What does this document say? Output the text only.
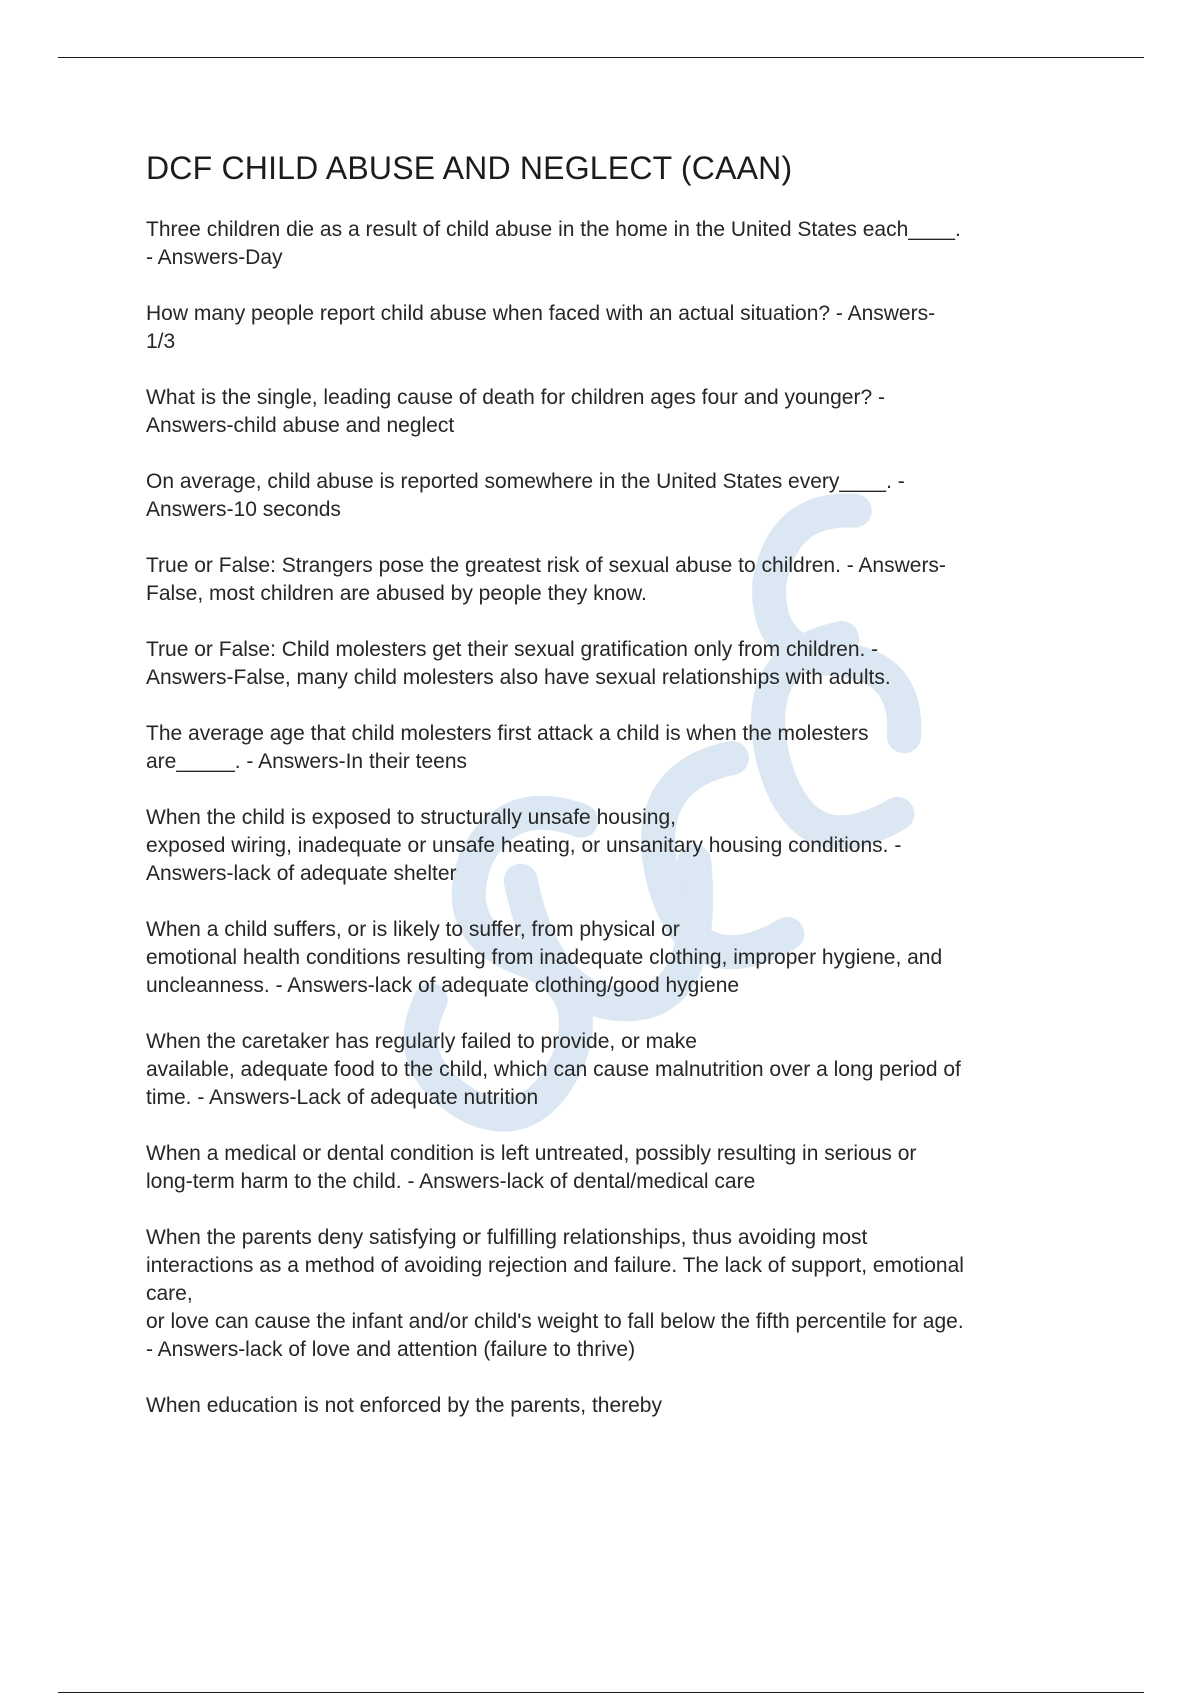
DCF CHILD ABUSE AND NEGLECT (CAAN)
Three children die as a result of child abuse in the home in the United States each____.
- Answers-Day
How many people report child abuse when faced with an actual situation? - Answers-
1/3
What is the single, leading cause of death for children ages four and younger? -
Answers-child abuse and neglect
On average, child abuse is reported somewhere in the United States every____. -
Answers-10 seconds
True or False: Strangers pose the greatest risk of sexual abuse to children. - Answers-
False, most children are abused by people they know.
True or False: Child molesters get their sexual gratification only from children. -
Answers-False, many child molesters also have sexual relationships with adults.
The average age that child molesters first attack a child is when the molesters
are_____. - Answers-In their teens
When the child is exposed to structurally unsafe housing,
exposed wiring, inadequate or unsafe heating, or unsanitary housing conditions. -
Answers-lack of adequate shelter
When a child suffers, or is likely to suffer, from physical or
emotional health conditions resulting from inadequate clothing, improper hygiene, and
uncleanness. - Answers-lack of adequate clothing/good hygiene
When the caretaker has regularly failed to provide, or make
available, adequate food to the child, which can cause malnutrition over a long period of
time. - Answers-Lack of adequate nutrition
When a medical or dental condition is left untreated, possibly resulting in serious or
long-term harm to the child. - Answers-lack of dental/medical care
When the parents deny satisfying or fulfilling relationships, thus avoiding most
interactions as a method of avoiding rejection and failure. The lack of support, emotional
care,
or love can cause the infant and/or child's weight to fall below the fifth percentile for age.
- Answers-lack of love and attention (failure to thrive)
When education is not enforced by the parents, thereby
